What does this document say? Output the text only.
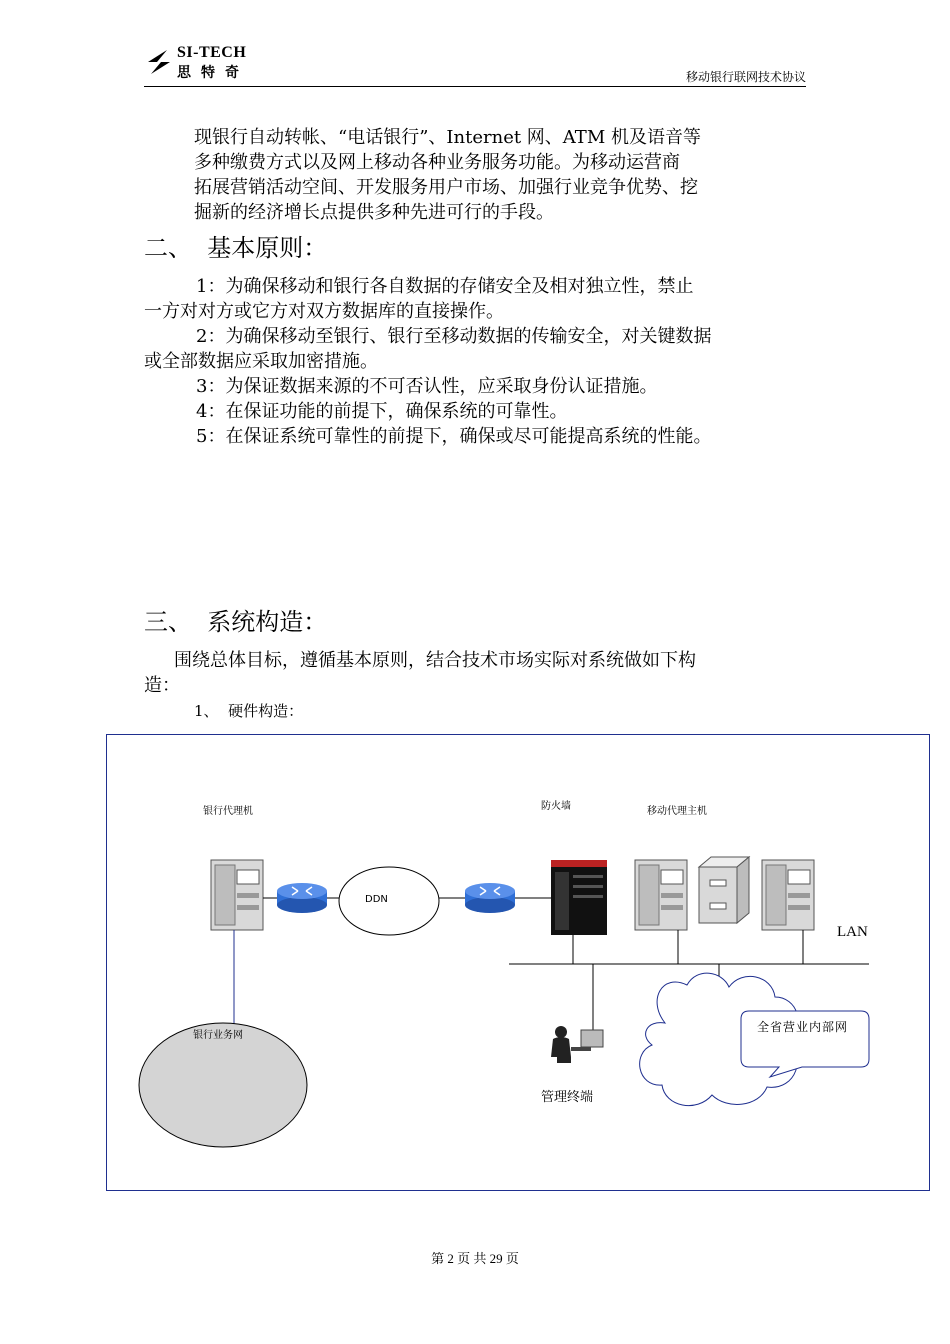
SI-TECH
思特奇	移动银行联网技术协议
现银行自动转帐、“电话银行”、Internet 网、ATM 机及语音等
多种缴费方式以及网上移动各种业务服务功能。为移动运营商
拓展营销活动空间、开发服务用户市场、加强行业竞争优势、挖
掘新的经济增长点提供多种先进可行的手段。
二、  基本原则：
1：为确保移动和银行各自数据的存储安全及相对独立性，禁止
一方对对方或它方对双方数据库的直接操作。
2：为确保移动至银行、银行至移动数据的传输安全，对关键数据
或全部数据应采取加密措施。
3：为保证数据来源的不可否认性，应采取身份认证措施。
4：在保证功能的前提下，确保系统的可靠性。
5：在保证系统可靠性的前提下，确保或尽可能提高系统的性能。
三、  系统构造：
围绕总体目标，遵循基本原则，结合技术市场实际对系统做如下构
造：
1、  硬件构造：
银行代理机	防火墙	移动代理主机
DDN
LAN
银行业务网
管理终端
全省营业内部网
第 2 页 共 29 页
